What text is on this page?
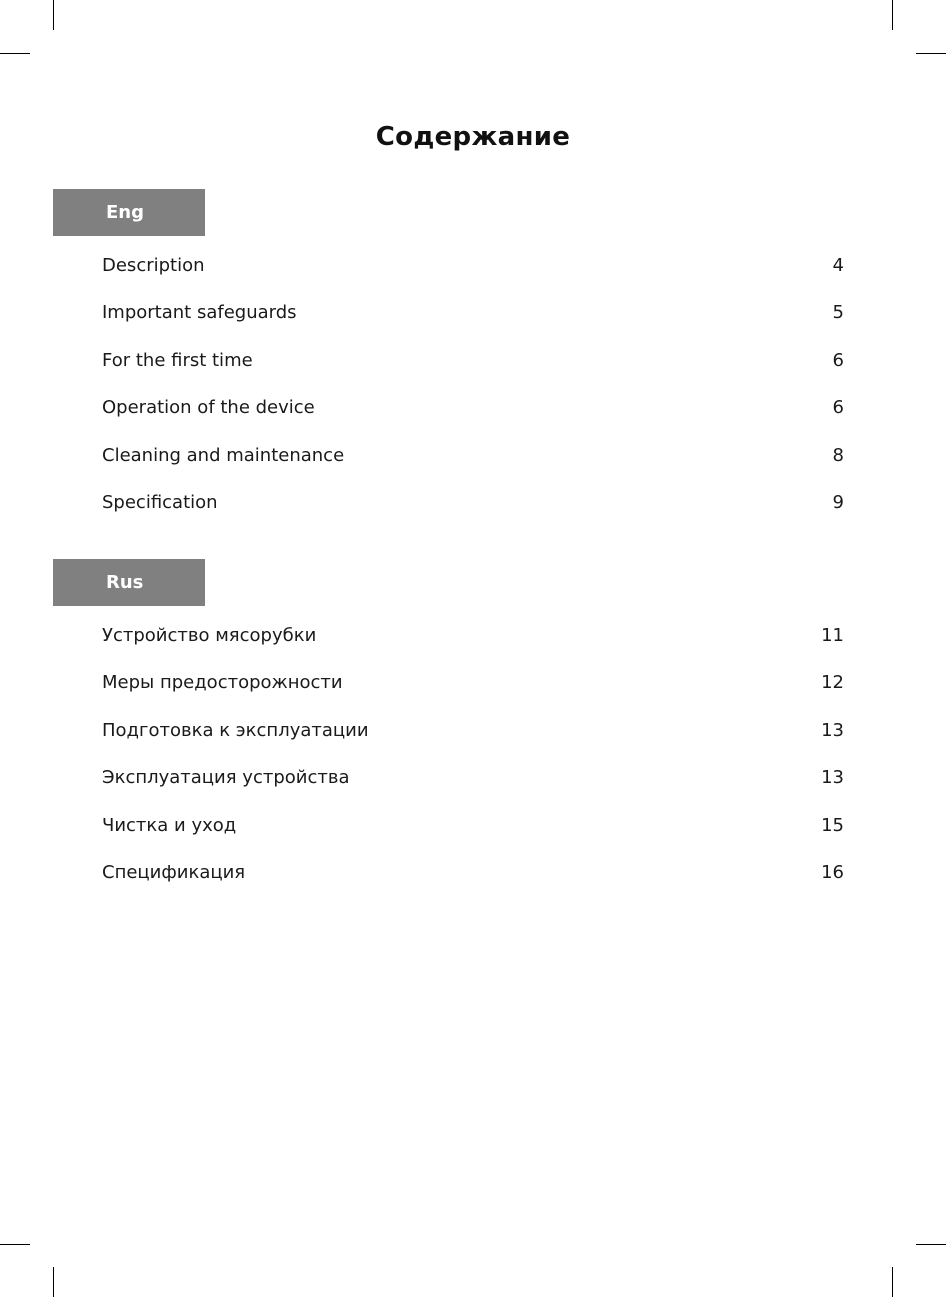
Содержание
Eng
Description	4
Important safeguards	5
For the first time	6
Operation of the device	6
Cleaning and maintenance	8
Specification	9
Rus
Устройство мясорубки	11
Меры предосторожности	12
Подготовка к эксплуатации	13
Эксплуатация устройства	13
Чистка и уход	15
Спецификация	16
